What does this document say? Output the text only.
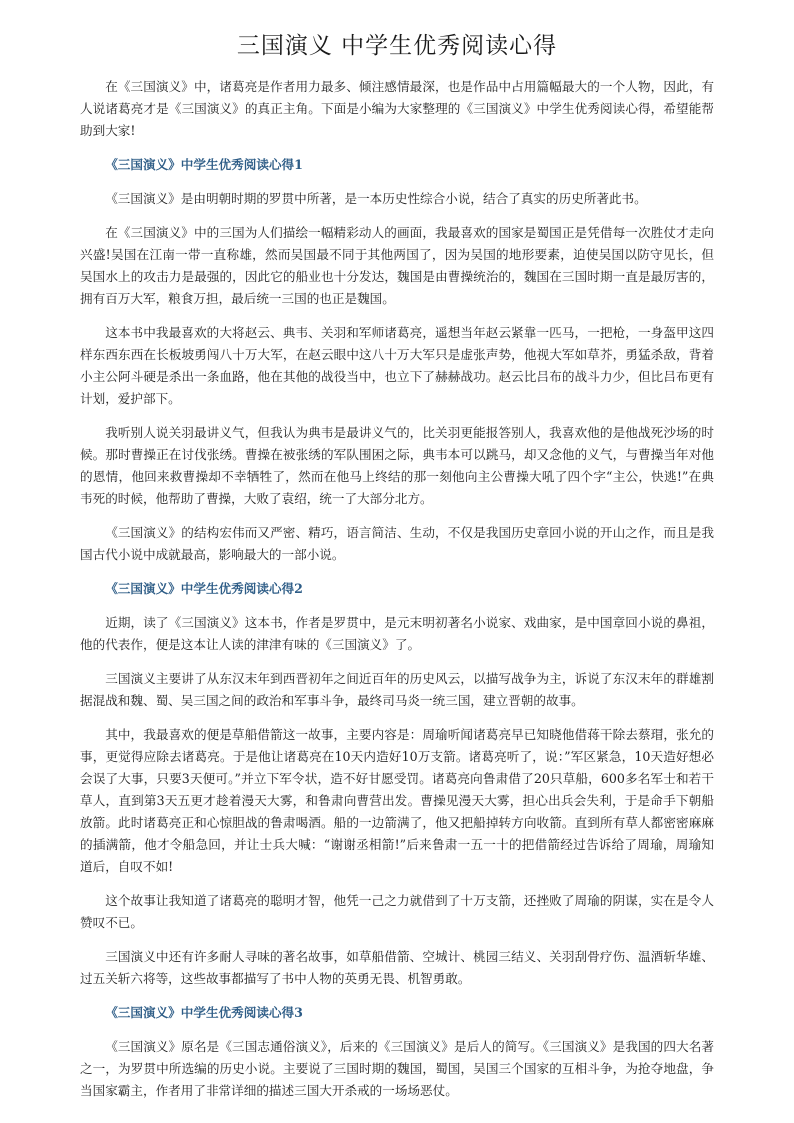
三国演义 中学生优秀阅读心得

在《三国演义》中，诸葛亮是作者用力最多、倾注感情最深，也是作品中占用篇幅最大的一个人物，因此，有人说诸葛亮才是《三国演义》的真正主角。下面是小编为大家整理的《三国演义》中学生优秀阅读心得，希望能帮助到大家!

《三国演义》中学生优秀阅读心得1

《三国演义》是由明朝时期的罗贯中所著，是一本历史性综合小说，结合了真实的历史所著此书。

在《三国演义》中的三国为人们描绘一幅精彩动人的画面，我最喜欢的国家是蜀国正是凭借每一次胜仗才走向兴盛!吴国在江南一带一直称雄，然而吴国最不同于其他两国了，因为吴国的地形要素，迫使吴国以防守见长，但吴国水上的攻击力是最强的，因此它的船业也十分发达，魏国是由曹操统治的，魏国在三国时期一直是最厉害的，拥有百万大军，粮食万担，最后统一三国的也正是魏国。

这本书中我最喜欢的大将赵云、典韦、关羽和军师诸葛亮，遥想当年赵云紧靠一匹马，一把枪，一身盔甲这四样东西东西在长板坡勇闯八十万大军，在赵云眼中这八十万大军只是虚张声势，他视大军如草芥，勇猛杀敌，背着小主公阿斗硬是杀出一条血路，他在其他的战役当中，也立下了赫赫战功。赵云比吕布的战斗力少，但比吕布更有计划，爱护部下。

我听别人说关羽最讲义气，但我认为典韦是最讲义气的，比关羽更能报答别人，我喜欢他的是他战死沙场的时候。那时曹操正在讨伐张绣。曹操在被张绣的军队围困之际，典韦本可以跳马，却又念他的义气，与曹操当年对他的恩情，他回来救曹操却不幸牺牲了，然而在他马上终结的那一刻他向主公曹操大吼了四个字“主公，快逃!”在典韦死的时候，他帮助了曹操，大败了袁绍，统一了大部分北方。

《三国演义》的结构宏伟而又严密、精巧，语言简洁、生动，不仅是我国历史章回小说的开山之作，而且是我国古代小说中成就最高，影响最大的一部小说。

《三国演义》中学生优秀阅读心得2

近期，读了《三国演义》这本书，作者是罗贯中，是元末明初著名小说家、戏曲家，是中国章回小说的鼻祖，他的代表作，便是这本让人读的津津有味的《三国演义》了。

三国演义主要讲了从东汉末年到西晋初年之间近百年的历史风云，以描写战争为主，诉说了东汉末年的群雄割据混战和魏、蜀、吴三国之间的政治和军事斗争，最终司马炎一统三国，建立晋朝的故事。

其中，我最喜欢的便是草船借箭这一故事，主要内容是：周瑜听闻诸葛亮早已知晓他借蒋干除去蔡瑁，张允的事，更觉得应除去诸葛亮。于是他让诸葛亮在10天内造好10万支箭。诸葛亮听了，说：”军区紧急，10天造好想必会误了大事，只要3天便可。”并立下军令状，造不好甘愿受罚。诸葛亮向鲁肃借了20只草船，600多名军士和若干草人，直到第3天五更才趁着漫天大雾，和鲁肃向曹营出发。曹操见漫天大雾，担心出兵会失利，于是命手下朝船放箭。此时诸葛亮正和心惊胆战的鲁肃喝酒。船的一边箭满了，他又把船掉转方向收箭。直到所有草人都密密麻麻的插满箭，他才令船急回，并让士兵大喊：“谢谢丞相箭!”后来鲁肃一五一十的把借箭经过告诉给了周瑜，周瑜知道后，自叹不如!

这个故事让我知道了诸葛亮的聪明才智，他凭一己之力就借到了十万支箭，还挫败了周瑜的阴谋，实在是令人赞叹不已。

三国演义中还有许多耐人寻味的著名故事，如草船借箭、空城计、桃园三结义、关羽刮骨疗伤、温酒斩华雄、过五关斩六将等，这些故事都描写了书中人物的英勇无畏、机智勇敢。

《三国演义》中学生优秀阅读心得3

《三国演义》原名是《三国志通俗演义》，后来的《三国演义》是后人的简写。《三国演义》是我国的四大名著之一，为罗贯中所选编的历史小说。主要说了三国时期的魏国，蜀国，吴国三个国家的互相斗争，为抢夺地盘，争当国家霸主，作者用了非常详细的描述三国大开杀戒的一场场恶仗。
